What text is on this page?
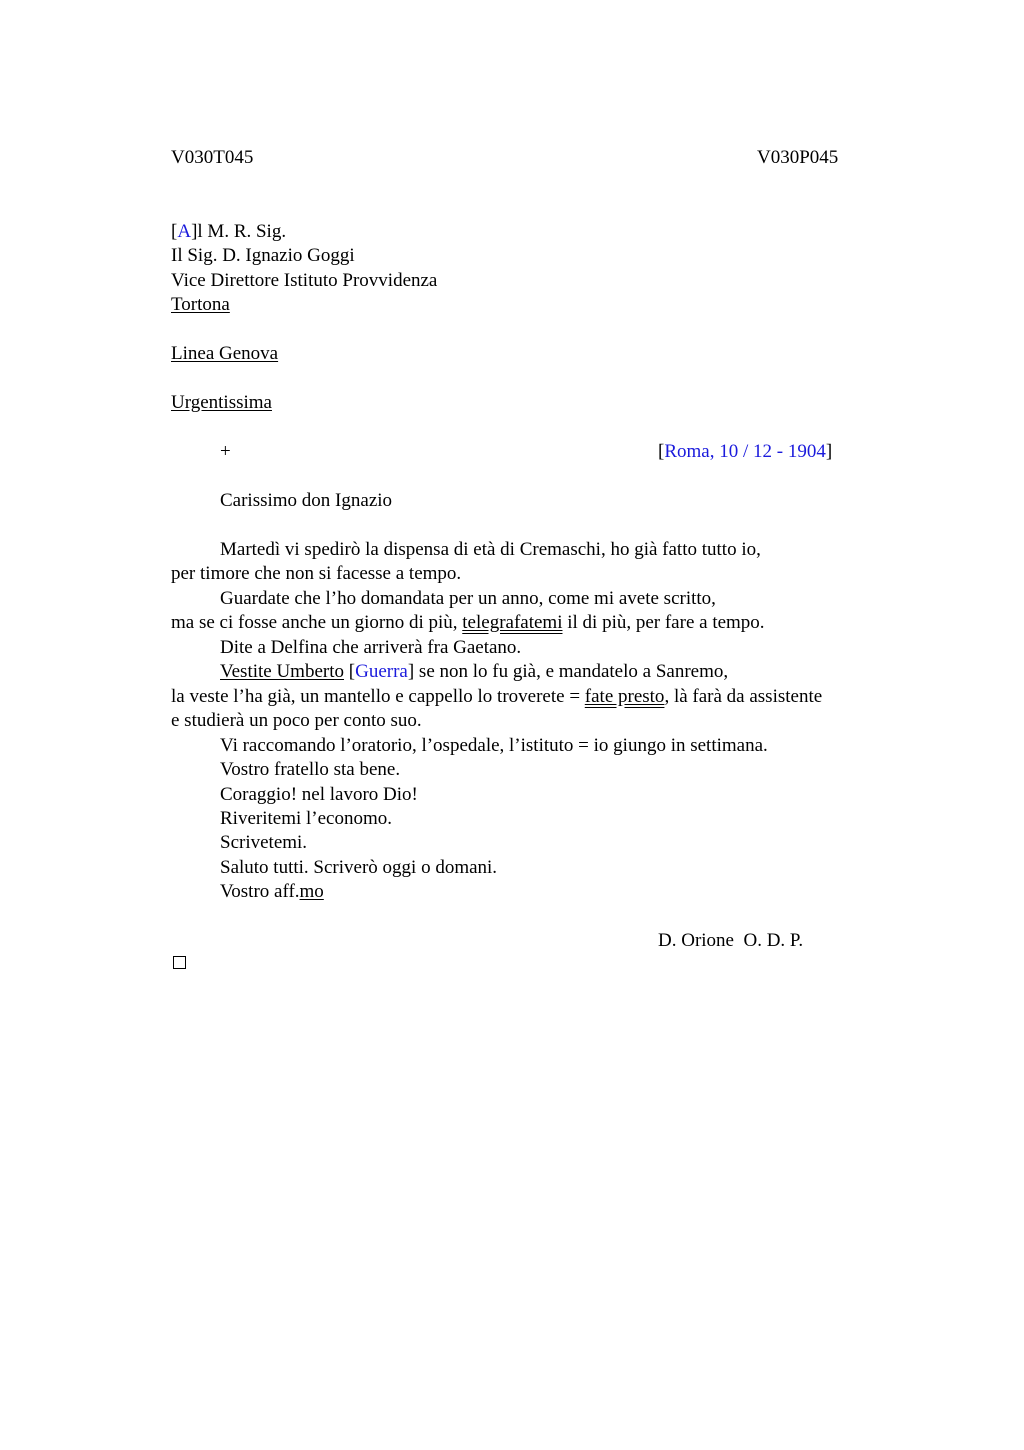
V030T045	V030P045
[A]l M. R. Sig.
Il Sig. D. Ignazio Goggi
Vice Direttore Istituto Provvidenza
Tortona
Linea Genova
Urgentissima
+	[Roma, 10 / 12 - 1904]
Carissimo don Ignazio
Martedì vi spedirò la dispensa di età di Cremaschi, ho già fatto tutto io,
per timore che non si facesse a tempo.
Guardate che l’ho domandata per un anno, come mi avete scritto,
ma se ci fosse anche un giorno di più, telegrafatemi il di più, per fare a tempo.
Dite a Delfina che arriverà fra Gaetano.
Vestite Umberto [Guerra] se non lo fu già, e mandatelo a Sanremo,
la veste l’ha già, un mantello e cappello lo troverete = fate presto, là farà da assistente
e studierà un poco per conto suo.
Vi raccomando l’oratorio, l’ospedale, l’istituto = io giungo in settimana.
Vostro fratello sta bene.
Coraggio! nel lavoro Dio!
Riveritemi l’economo.
Scrivetemi.
Saluto tutti. Scriverò oggi o domani.
Vostro aff.mo
D. Orione  O. D. P.
